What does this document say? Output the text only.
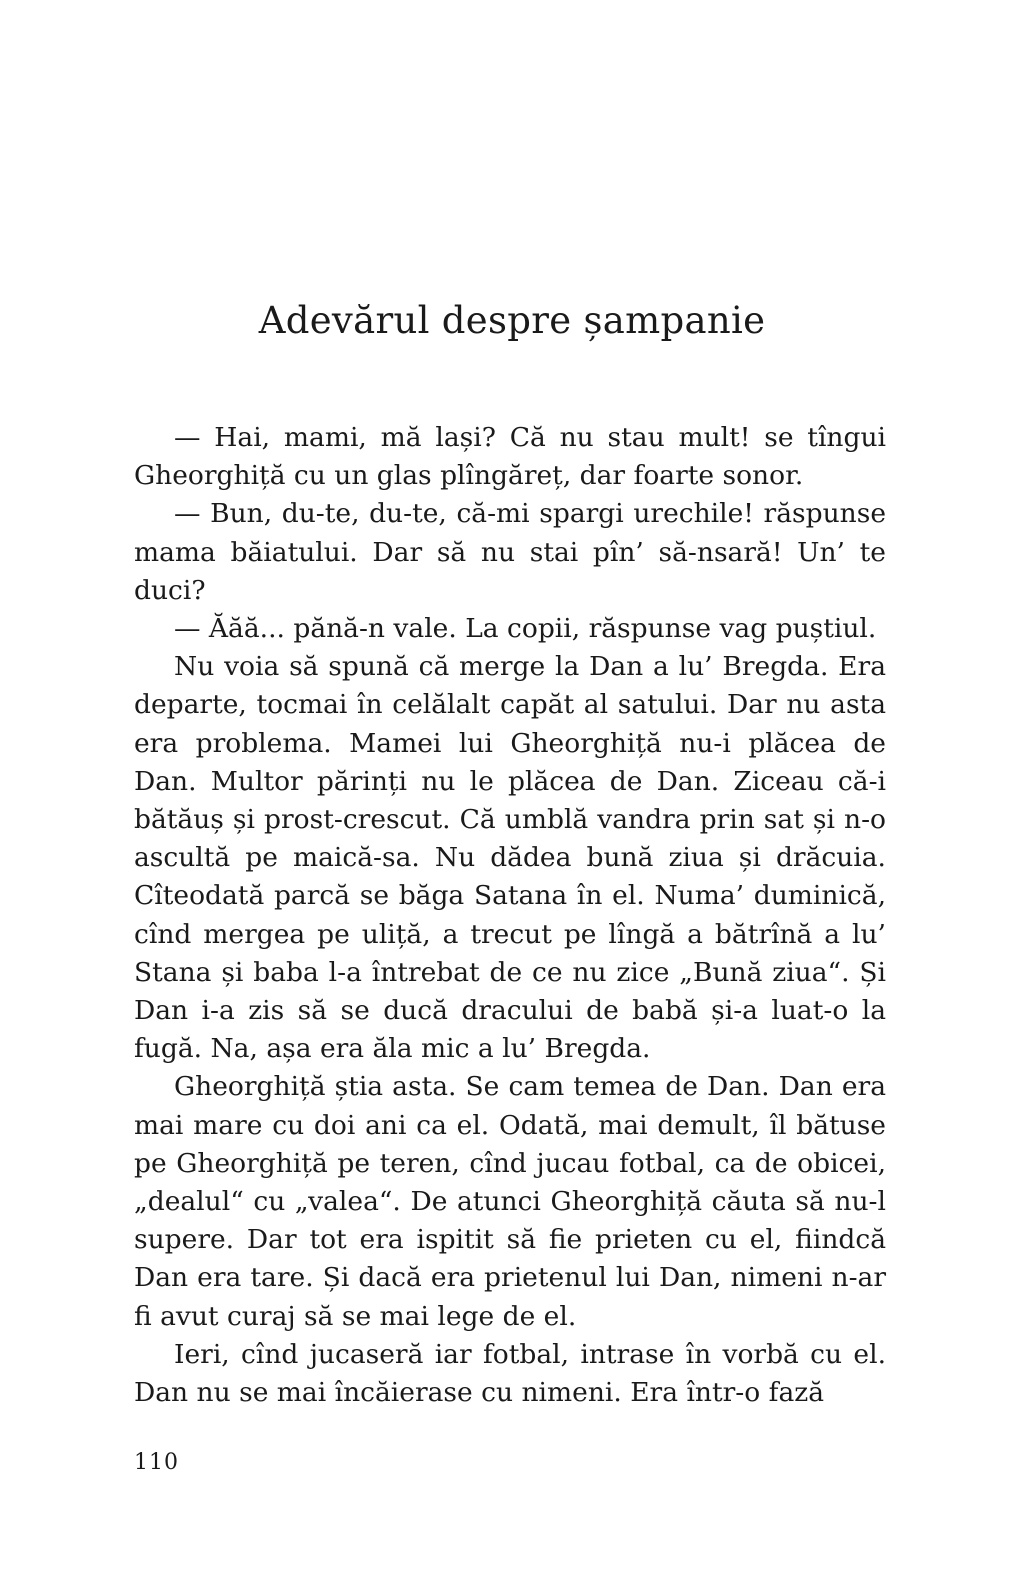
Adevărul despre șampanie

— Hai, mami, mă lași? Că nu stau mult! se tîngui Gheorghiță cu un glas plîngăreț, dar foarte sonor.

— Bun, du-te, du-te, că-mi spargi urechile! răspunse mama băiatului. Dar să nu stai pîn’ să-nsară! Un’ te duci?

— Ăăă... pănă-n vale. La copii, răspunse vag puștiul.

Nu voia să spună că merge la Dan a lu’ Bregda. Era departe, tocmai în celălalt capăt al satului. Dar nu asta era problema. Mamei lui Gheorghiță nu-i plăcea de Dan. Multor părinți nu le plăcea de Dan. Ziceau că-i bătăuș și prost-crescut. Că umblă vandra prin sat și n-o ascultă pe maică-sa. Nu dădea bună ziua și drăcuia. Cîteodată parcă se băga Satana în el. Numa’ duminică, cînd mergea pe uliță, a trecut pe lîngă a bătrînă a lu’ Stana și baba l-a întrebat de ce nu zice „Bună ziua“. Și Dan i-a zis să se ducă dracului de babă și-a luat-o la fugă. Na, așa era ăla mic a lu’ Bregda.

Gheorghiță știa asta. Se cam temea de Dan. Dan era mai mare cu doi ani ca el. Odată, mai demult, îl bătuse pe Gheorghiță pe teren, cînd jucau fotbal, ca de obicei, „dealul“ cu „valea“. De atunci Gheorghiță căuta să nu-l supere. Dar tot era ispitit să fie prieten cu el, fiindcă Dan era tare. Și dacă era prietenul lui Dan, nimeni n-ar fi avut curaj să se mai lege de el.

Ieri, cînd jucaseră iar fotbal, intrase în vorbă cu el. Dan nu se mai încăierase cu nimeni. Era într-o fază

110
